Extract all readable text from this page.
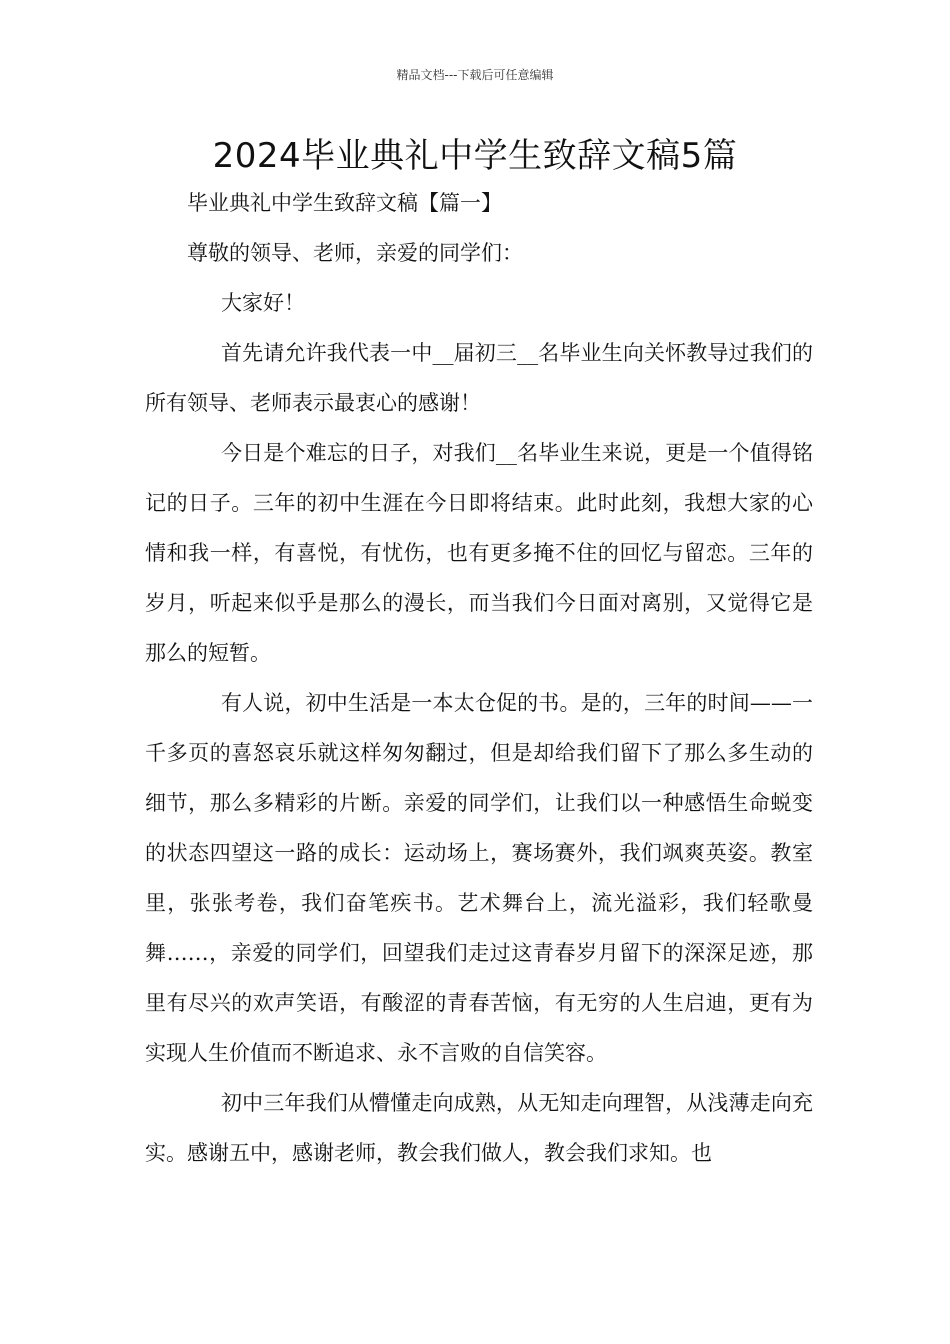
精品文档---下载后可任意编辑
2024毕业典礼中学生致辞文稿5篇

毕业典礼中学生致辞文稿【篇一】

尊敬的领导、老师，亲爱的同学们：

大家好！

首先请允许我代表一中__届初三__名毕业生向关怀教导过我们的所有领导、老师表示最衷心的感谢！

今日是个难忘的日子，对我们__名毕业生来说，更是一个值得铭记的日子。三年的初中生涯在今日即将结束。此时此刻，我想大家的心情和我一样，有喜悦，有忧伤，也有更多掩不住的回忆与留恋。三年的岁月，听起来似乎是那么的漫长，而当我们今日面对离别，又觉得它是那么的短暂。

有人说，初中生活是一本太仓促的书。是的，三年的时间——一千多页的喜怒哀乐就这样匆匆翻过，但是却给我们留下了那么多生动的细节，那么多精彩的片断。亲爱的同学们，让我们以一种感悟生命蜕变的状态四望这一路的成长：运动场上，赛场赛外，我们飒爽英姿。教室里，张张考卷，我们奋笔疾书。艺术舞台上，流光溢彩，我们轻歌曼舞……，亲爱的同学们，回望我们走过这青春岁月留下的深深足迹，那里有尽兴的欢声笑语，有酸涩的青春苦恼，有无穷的人生启迪，更有为实现人生价值而不断追求、永不言败的自信笑容。

初中三年我们从懵懂走向成熟，从无知走向理智，从浅薄走向充实。感谢五中，感谢老师，教会我们做人，教会我们求知。也
